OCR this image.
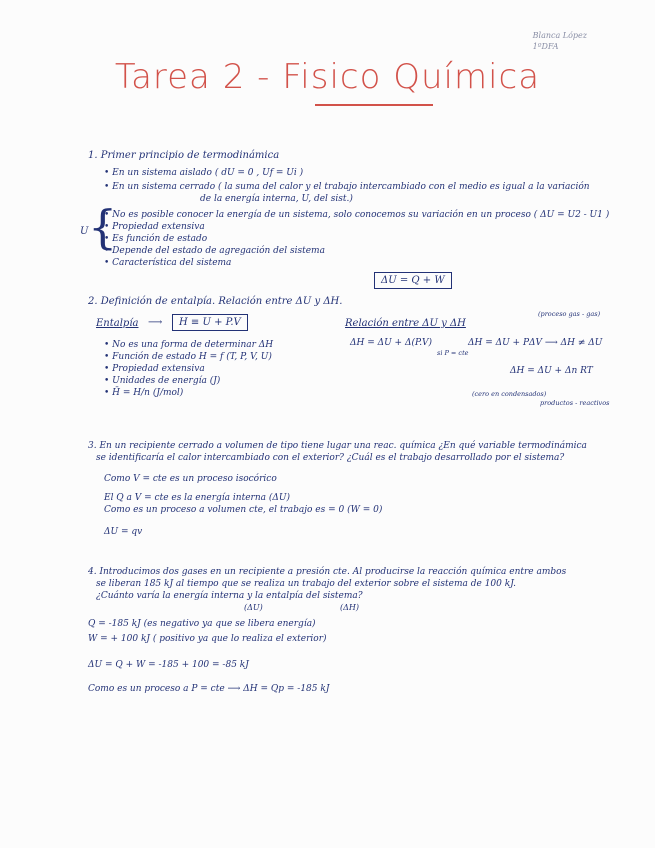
Blanca López
1ºDFA
Tarea 2 - Fisico Química
1. Primer principio de termodinámica
• En un sistema aislado ( dU = 0 , Uf = Ui )
• En un sistema cerrado ( la suma del calor y el trabajo intercambiado con el medio es igual a la variación
de la energía interna, U, del sist.)
U {
• No es posible conocer la energía de un sistema, solo conocemos su variación en un proceso ( ΔU = U2 - U1 )
• Propiedad extensiva
• Es función de estado
• Depende del estado de agregación del sistema
• Característica del sistema
ΔU = Q + W
2. Definición de entalpía. Relación entre ΔU y ΔH.
Entalpía ⟶	H ≡ U + P.V
• No es una forma de determinar ΔH
• Función de estado H = f (T, P, V, U)
• Propiedad extensiva
• Unidades de energía (J)
• H̄ = H/n (J/mol)
Relación entre ΔU y ΔH
(proceso gas - gas)
ΔH = ΔU + Δ(P.V)
si P = cte
ΔH = ΔU + PΔV ⟶ ΔH ≠ ΔU
ΔH = ΔU + Δn RT
(cero en condensados)
productos - reactivos
3. En un recipiente cerrado a volumen de tipo tiene lugar una reac. química ¿En qué variable termodinámica
se identificaría el calor intercambiado con el exterior? ¿Cuál es el trabajo desarrollado por el sistema?
Como V = cte es un proceso isocórico
El Q a V = cte es la energía interna (ΔU)
Como es un proceso a volumen cte, el trabajo es = 0 (W = 0)
ΔU = qv
4. Introducimos dos gases en un recipiente a presión cte. Al producirse la reacción química entre ambos
se liberan 185 kJ al tiempo que se realiza un trabajo del exterior sobre el sistema de 100 kJ.
¿Cuánto varía la energía interna y la entalpía del sistema?
(ΔU)	(ΔH)
Q = -185 kJ (es negativo ya que se libera energía)
W = + 100 kJ ( positivo ya que lo realiza el exterior)
ΔU = Q + W = -185 + 100 = -85 kJ
Como es un proceso a P = cte ⟶ ΔH = Qp = -185 kJ
